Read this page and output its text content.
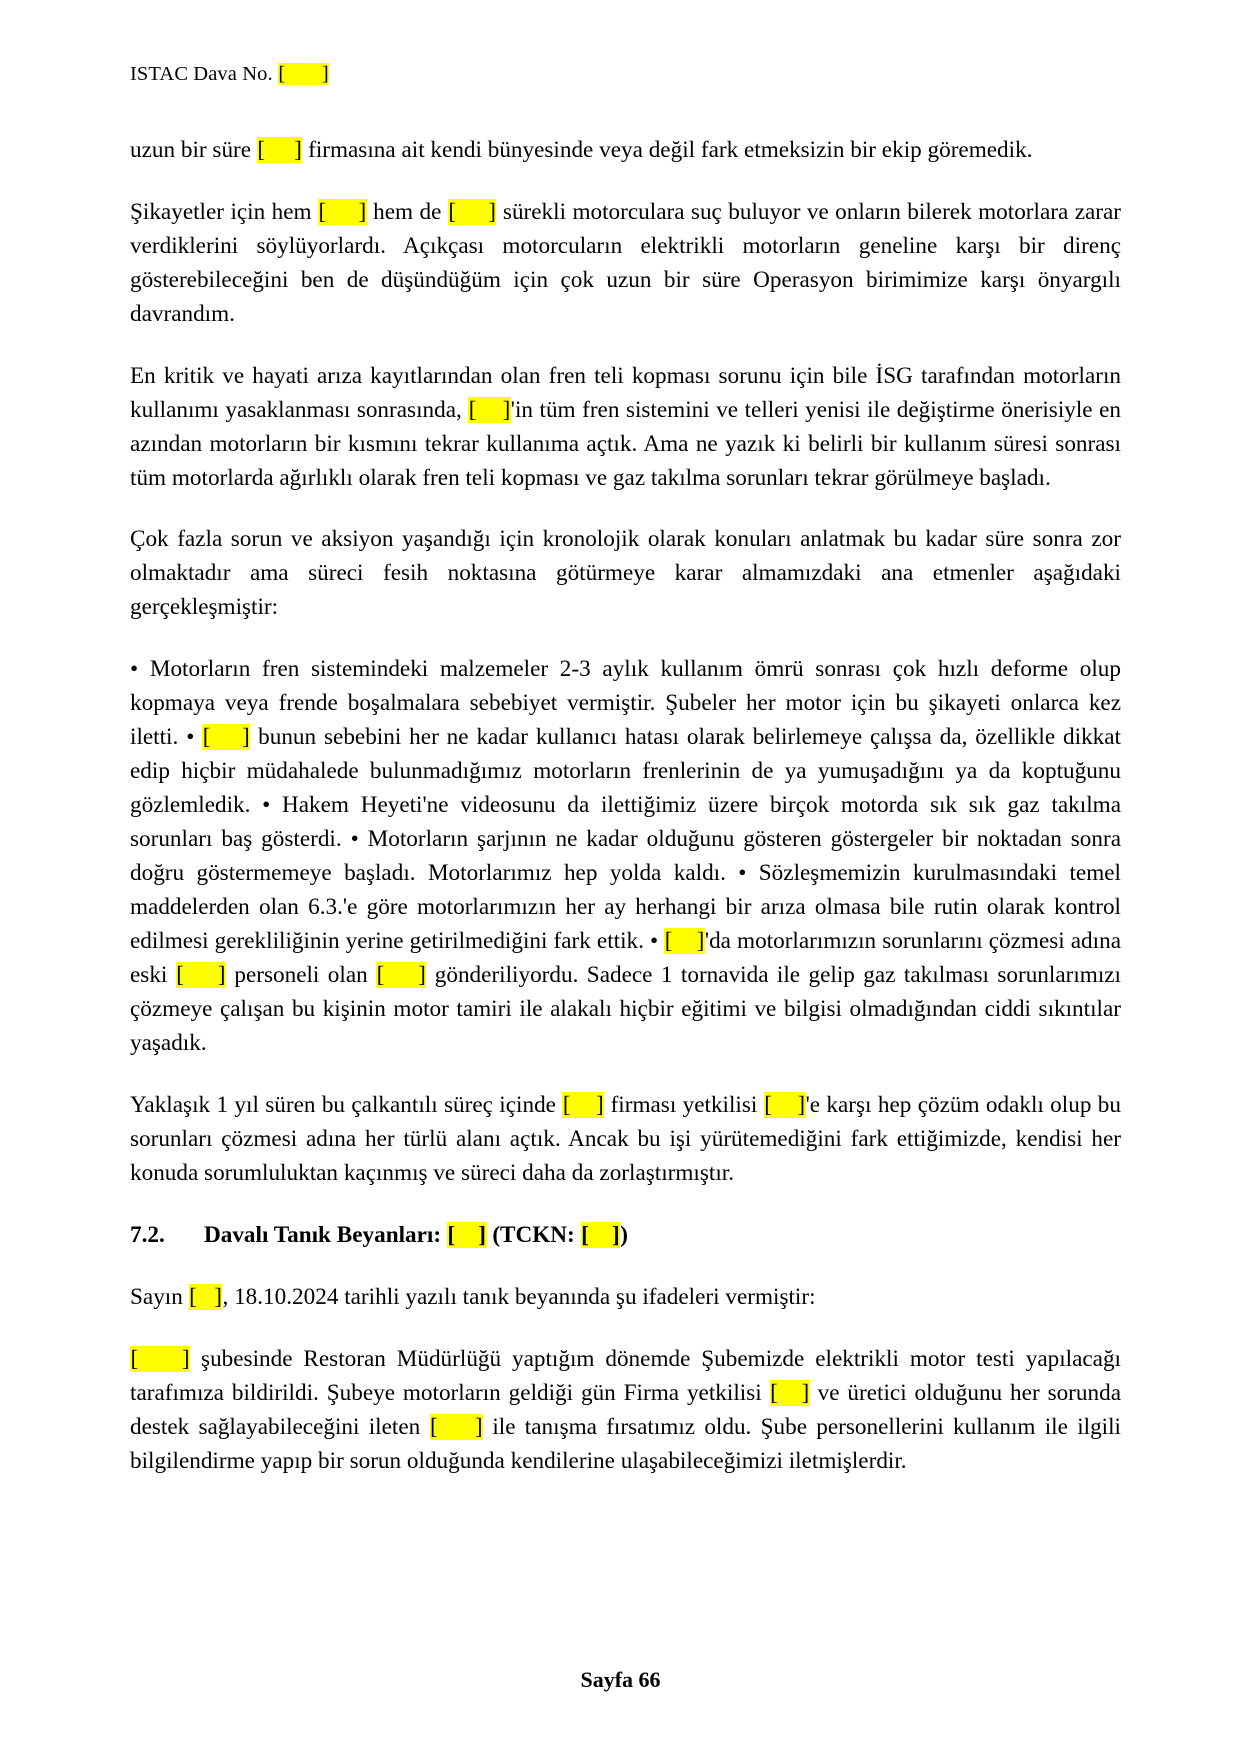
ISTAC Dava No. [       ]

uzun bir süre [     ] firmasına ait kendi bünyesinde veya değil fark etmeksizin bir ekip göremedik.

Şikayetler için hem [     ] hem de [     ] sürekli motorculara suç buluyor ve onların bilerek motorlara zarar verdiklerini söylüyorlardı. Açıkçası motorcuların elektrikli motorların geneline karşı bir direnç gösterebileceğini ben de düşündüğüm için çok uzun bir süre Operasyon birimimize karşı önyargılı davrandım.

En kritik ve hayati arıza kayıtlarından olan fren teli kopması sorunu için bile İSG tarafından motorların kullanımı yasaklanması sonrasında, [    ]'in tüm fren sistemini ve telleri yenisi ile değiştirme önerisiyle en azından motorların bir kısmını tekrar kullanıma açtık. Ama ne yazık ki belirli bir kullanım süresi sonrası tüm motorlarda ağırlıklı olarak fren teli kopması ve gaz takılma sorunları tekrar görülmeye başladı.

Çok fazla sorun ve aksiyon yaşandığı için kronolojik olarak konuları anlatmak bu kadar süre sonra zor olmaktadır ama süreci fesih noktasına götürmeye karar almamızdaki ana etmenler aşağıdaki gerçekleşmiştir:

• Motorların fren sistemindeki malzemeler 2-3 aylık kullanım ömrü sonrası çok hızlı deforme olup kopmaya veya frende boşalmalara sebebiyet vermiştir. Şubeler her motor için bu şikayeti onlarca kez iletti. • [    ] bunun sebebini her ne kadar kullanıcı hatası olarak belirlemeye çalışsa da, özellikle dikkat edip hiçbir müdahalede bulunmadığımız motorların frenlerinin de ya yumuşadığını ya da koptuğunu gözlemledik. • Hakem Heyeti'ne videosunu da ilettiğimiz üzere birçok motorda sık sık gaz takılma sorunları baş gösterdi. • Motorların şarjının ne kadar olduğunu gösteren göstergeler bir noktadan sonra doğru göstermemeye başladı. Motorlarımız hep yolda kaldı. • Sözleşmemizin kurulmasındaki temel maddelerden olan 6.3.'e göre motorlarımızın her ay herhangi bir arıza olmasa bile rutin olarak kontrol edilmesi gerekliliğinin yerine getirilmediğini fark ettik. • [    ]'da motorlarımızın sorunlarını çözmesi adına eski [    ] personeli olan [    ] gönderiliyordu. Sadece 1 tornavida ile gelip gaz takılması sorunlarımızı çözmeye çalışan bu kişinin motor tamiri ile alakalı hiçbir eğitimi ve bilgisi olmadığından ciddi sıkıntılar yaşadık.

Yaklaşık 1 yıl süren bu çalkantılı süreç içinde [    ] firması yetkilisi [    ]'e karşı hep çözüm odaklı olup bu sorunları çözmesi adına her türlü alanı açtık. Ancak bu işi yürütemediğini fark ettiğimizde, kendisi her konuda sorumluluktan kaçınmış ve süreci daha da zorlaştırmıştır.

7.2. Davalı Tanık Beyanları: [    ] (TCKN: [    ])

Sayın [   ], 18.10.2024 tarihli yazılı tanık beyanında şu ifadeleri vermiştir:

[    ] şubesinde Restoran Müdürlüğü yaptığım dönemde Şubemizde elektrikli motor testi yapılacağı tarafımıza bildirildi. Şubeye motorların geldiği gün Firma yetkilisi [   ] ve üretici olduğunu her sorunda destek sağlayabileceğini ileten [    ] ile tanışma fırsatımız oldu. Şube personellerini kullanım ile ilgili bilgilendirme yapıp bir sorun olduğunda kendilerine ulaşabileceğimizi iletmişlerdir.

Sayfa 66
